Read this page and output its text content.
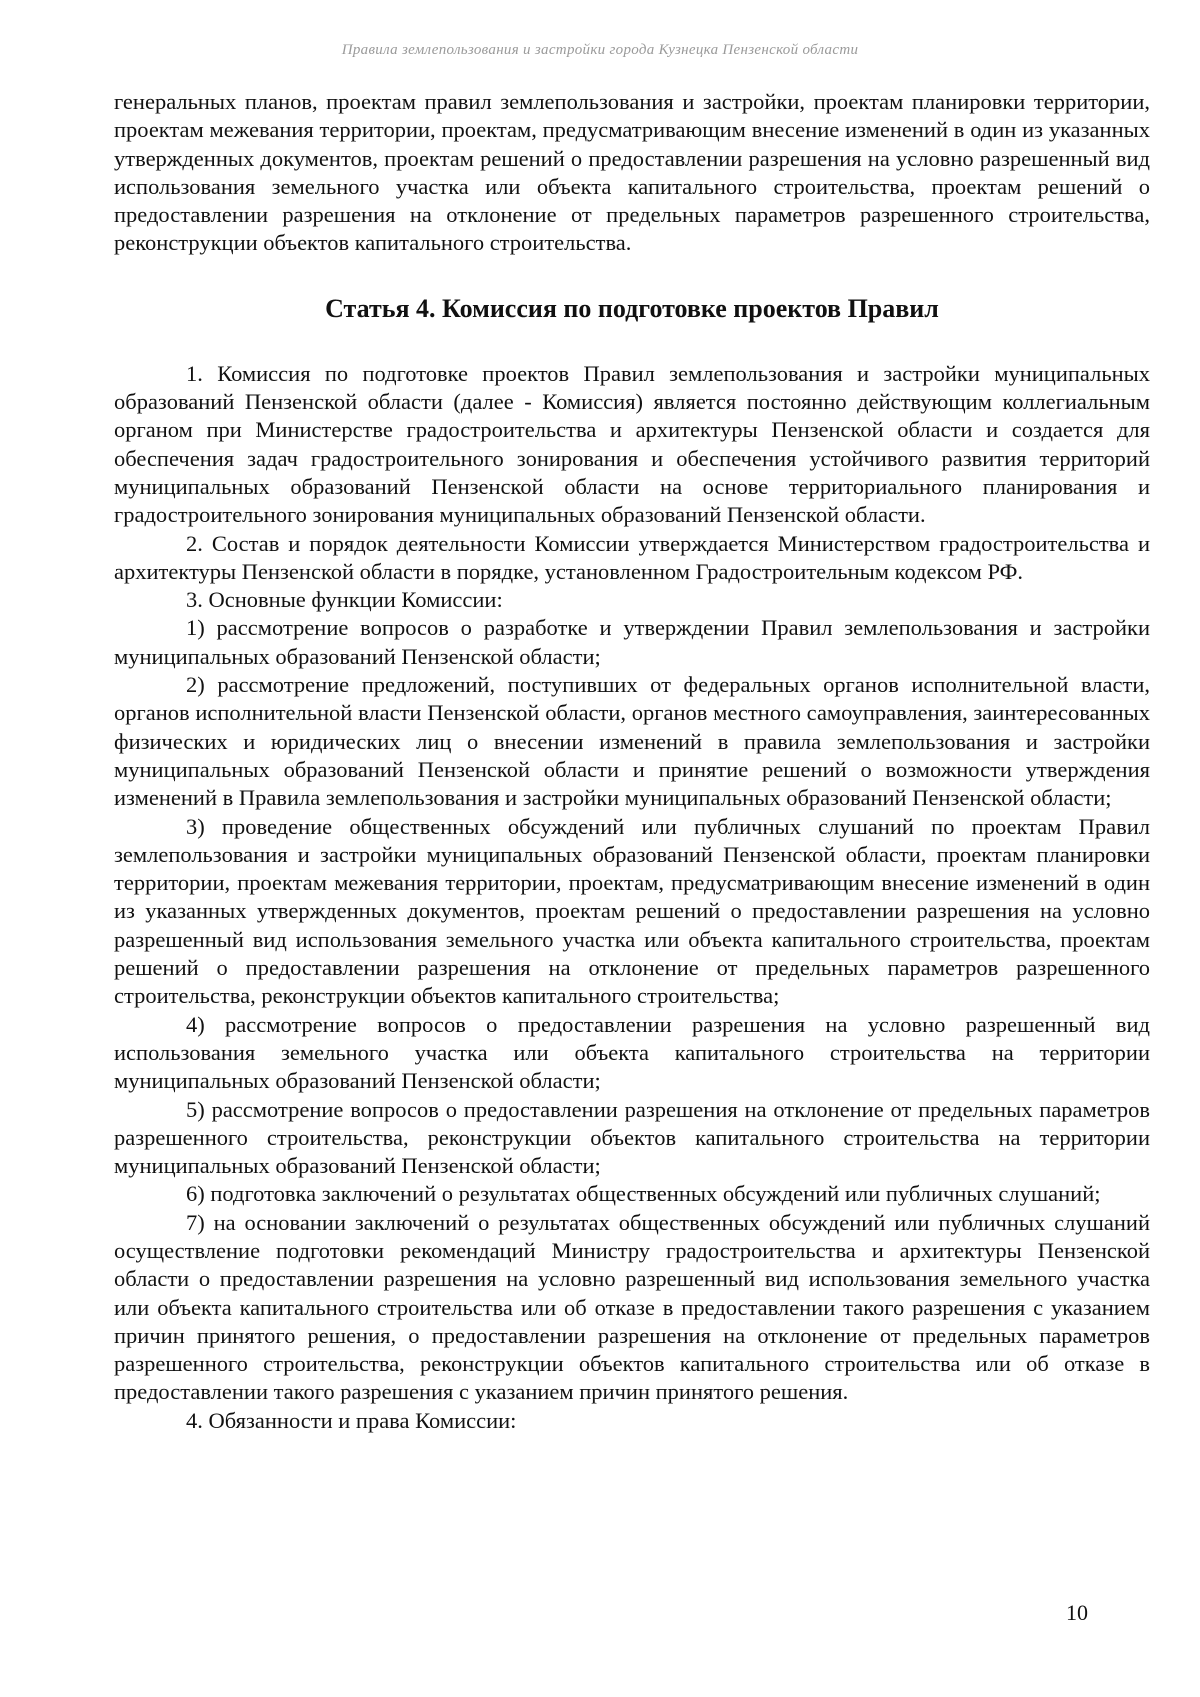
Правила землепользования и застройки города Кузнецка Пензенской области

генеральных планов, проектам правил землепользования и застройки, проектам планировки территории, проектам межевания территории, проектам, предусматривающим внесение изменений в один из указанных утвержденных документов, проектам решений о предоставлении разрешения на условно разрешенный вид использования земельного участка или объекта капитального строительства, проектам решений о предоставлении разрешения на отклонение от предельных параметров разрешенного строительства, реконструкции объектов капитального строительства.

Статья 4. Комиссия по подготовке проектов Правил

1. Комиссия по подготовке проектов Правил землепользования и застройки муниципальных образований Пензенской области (далее - Комиссия) является постоянно действующим коллегиальным органом при Министерстве градостроительства и архитектуры Пензенской области и создается для обеспечения задач градостроительного зонирования и обеспечения устойчивого развития территорий муниципальных образований Пензенской области на основе территориального планирования и градостроительного зонирования муниципальных образований Пензенской области.

2. Состав и порядок деятельности Комиссии утверждается Министерством градостроительства и архитектуры Пензенской области в порядке, установленном Градостроительным кодексом РФ.

3. Основные функции Комиссии:

1) рассмотрение вопросов о разработке и утверждении Правил землепользования и застройки муниципальных образований Пензенской области;

2) рассмотрение предложений, поступивших от федеральных органов исполнительной власти, органов исполнительной власти Пензенской области, органов местного самоуправления, заинтересованных физических и юридических лиц о внесении изменений в правила землепользования и застройки муниципальных образований Пензенской области и принятие решений о возможности утверждения изменений в Правила землепользования и застройки муниципальных образований Пензенской области;

3) проведение общественных обсуждений или публичных слушаний по проектам Правил землепользования и застройки муниципальных образований Пензенской области, проектам планировки территории, проектам межевания территории, проектам, предусматривающим внесение изменений в один из указанных утвержденных документов, проектам решений о предоставлении разрешения на условно разрешенный вид использования земельного участка или объекта капитального строительства, проектам решений о предоставлении разрешения на отклонение от предельных параметров разрешенного строительства, реконструкции объектов капитального строительства;

4) рассмотрение вопросов о предоставлении разрешения на условно разрешенный вид использования земельного участка или объекта капитального строительства на территории муниципальных образований Пензенской области;

5) рассмотрение вопросов о предоставлении разрешения на отклонение от предельных параметров разрешенного строительства, реконструкции объектов капитального строительства на территории муниципальных образований Пензенской области;

6) подготовка заключений о результатах общественных обсуждений или публичных слушаний;

7) на основании заключений о результатах общественных обсуждений или публичных слушаний осуществление подготовки рекомендаций Министру градостроительства и архитектуры Пензенской области о предоставлении разрешения на условно разрешенный вид использования земельного участка или объекта капитального строительства или об отказе в предоставлении такого разрешения с указанием причин принятого решения, о предоставлении разрешения на отклонение от предельных параметров разрешенного строительства, реконструкции объектов капитального строительства или об отказе в предоставлении такого разрешения с указанием причин принятого решения.

4. Обязанности и права Комиссии:

10
